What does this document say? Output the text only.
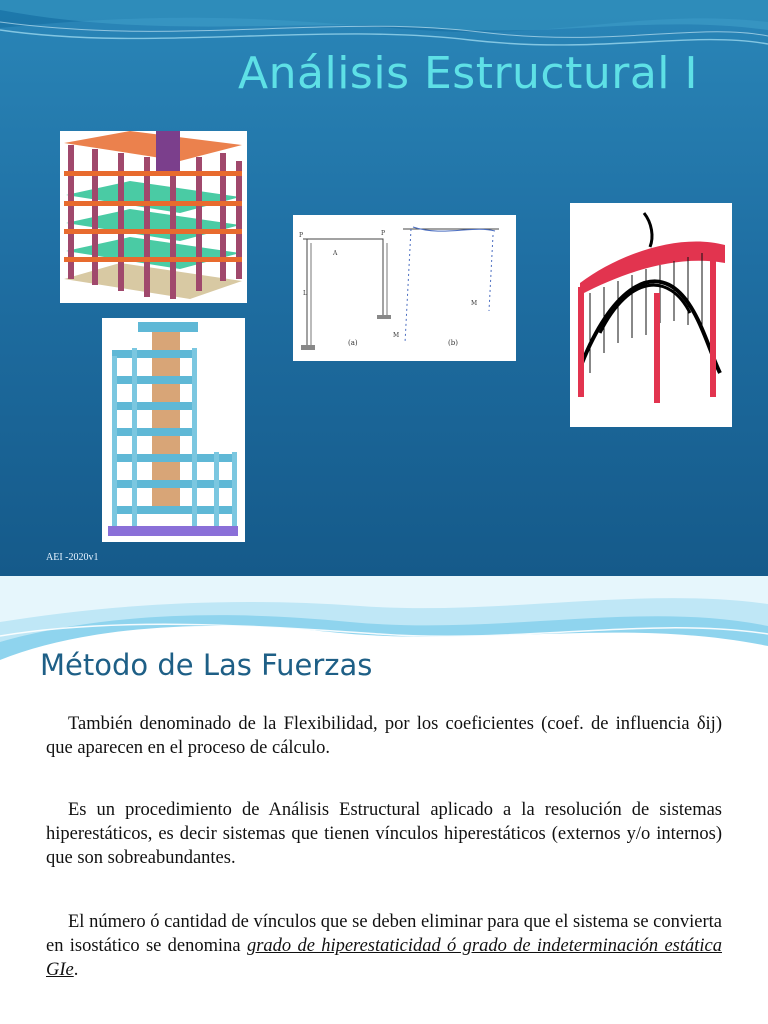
Análisis Estructural I
P	P
A
L
M
M
(a)	(b)
AEI -2020v1
Método de Las Fuerzas
También denominado de la Flexibilidad, por los coeficientes (coef. de influencia δij) que aparecen en el proceso de cálculo.
Es un procedimiento de Análisis Estructural aplicado a la resolución de sistemas hiperestáticos, es decir sistemas que tienen vínculos hiperestáticos (externos y/o internos) que son sobreabundantes.
El número ó cantidad de vínculos que se deben eliminar para que el sistema se convierta en isostático se denomina grado de hiperestaticidad ó grado de indeterminación estática GIe.
